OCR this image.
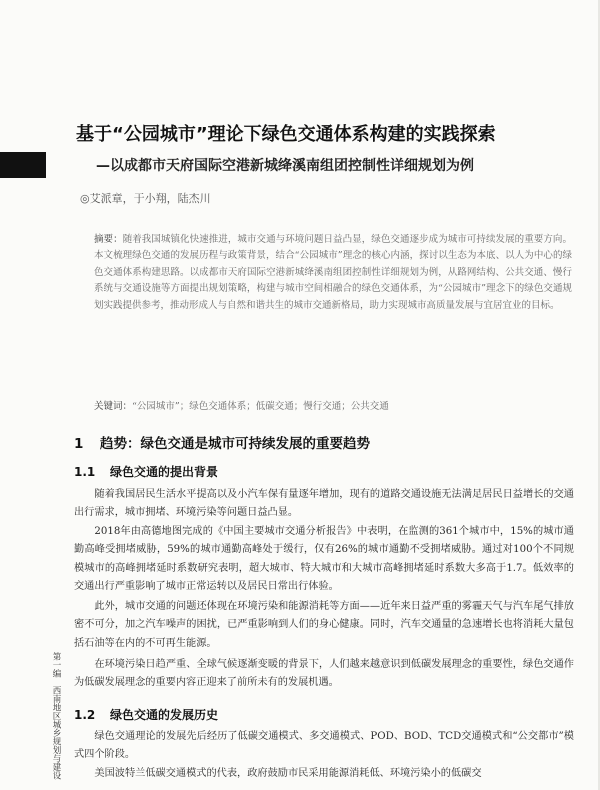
基于“公园城市”理论下绿色交通体系构建的实践探索
—以成都市天府国际空港新城绛溪南组团控制性详细规划为例
◎艾派章，于小翔，陆杰川
摘要：随着我国城镇化快速推进，城市交通与环境问题日益凸显，绿色交通逐步成为城市可持续发展的重要方向。本文梳理绿色交通的发展历程与政策背景，结合“公园城市”理念的核心内涵，探讨以生态为本底、以人为中心的绿色交通体系构建思路。以成都市天府国际空港新城绛溪南组团控制性详细规划为例，从路网结构、公共交通、慢行系统与交通设施等方面提出规划策略，构建与城市空间相融合的绿色交通体系，为“公园城市”理念下的绿色交通规划实践提供参考，推动形成人与自然和谐共生的城市交通新格局，助力实现城市高质量发展与宜居宜业的目标。
关键词：“公园城市”；绿色交通体系；低碳交通；慢行交通；公共交通
1 趋势：绿色交通是城市可持续发展的重要趋势
1.1 绿色交通的提出背景
随着我国居民生活水平提高以及小汽车保有量逐年增加，现有的道路交通设施无法满足居民日益增长的交通出行需求，城市拥堵、环境污染等问题日益凸显。
2018年由高德地图完成的《中国主要城市交通分析报告》中表明，在监测的361个城市中，15%的城市通勤高峰受拥堵威胁，59%的城市通勤高峰处于缓行，仅有26%的城市通勤不受拥堵威胁。通过对100个不同规模城市的高峰拥堵延时系数研究表明，超大城市、特大城市和大城市高峰拥堵延时系数大多高于1.7。低效率的交通出行严重影响了城市正常运转以及居民日常出行体验。
此外，城市交通的问题还体现在环境污染和能源消耗等方面——近年来日益严重的雾霾天气与汽车尾气排放密不可分，加之汽车噪声的困扰，已严重影响到人们的身心健康。同时，汽车交通量的急速增长也将消耗大量包括石油等在内的不可再生能源。
在环境污染日趋严重、全球气候逐渐变暖的背景下，人们越来越意识到低碳发展理念的重要性，绿色交通作为低碳发展理念的重要内容正迎来了前所未有的发展机遇。
1.2 绿色交通的发展历史
绿色交通理论的发展先后经历了低碳交通模式、多交通模式、POD、BOD、TCD交通模式和“公交都市”模式四个阶段。
美国波特兰低碳交通模式的代表，政府鼓励市民采用能源消耗低、环境污染小的低碳交
第一编　西南地区城乡规划与建设
